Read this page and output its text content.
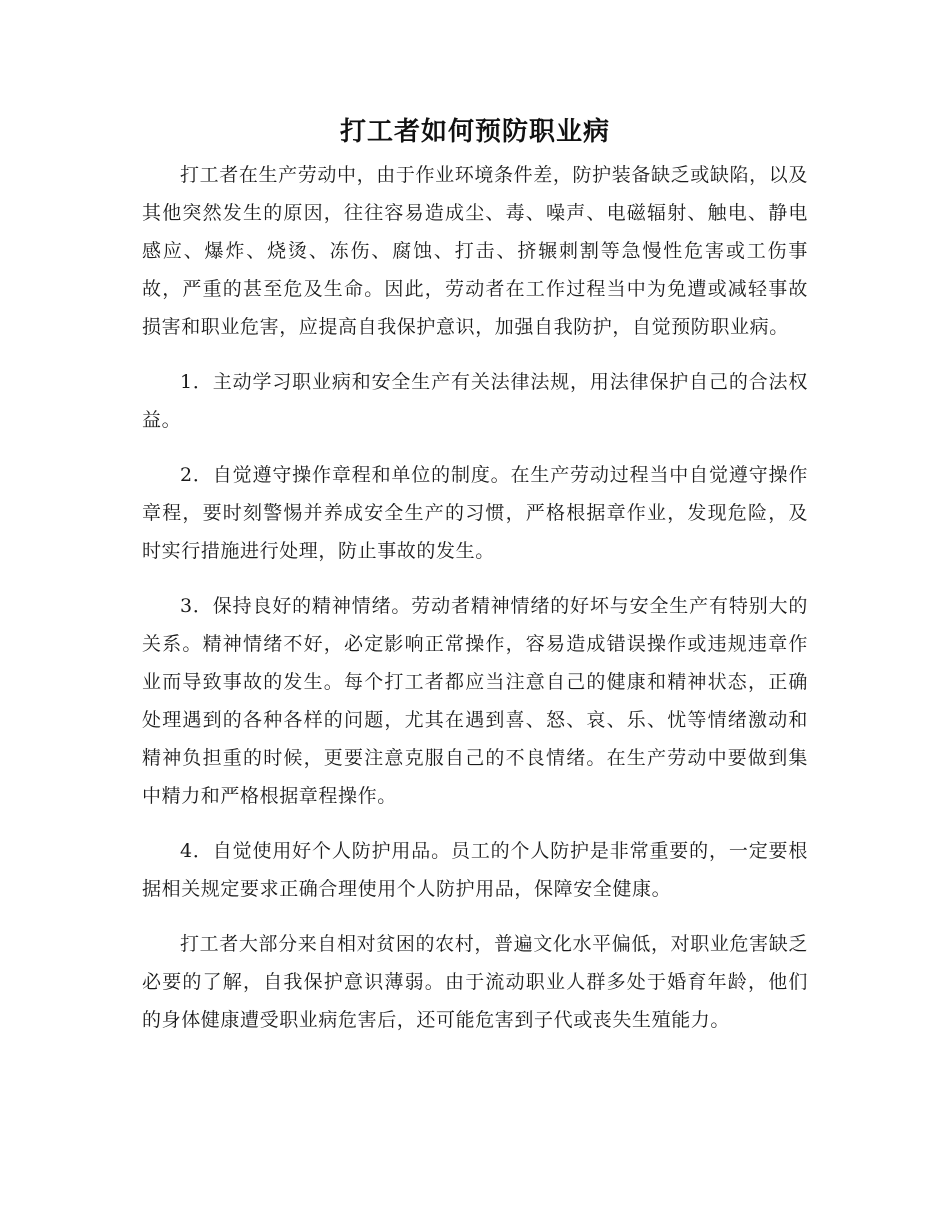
打工者如何预防职业病

打工者在生产劳动中，由于作业环境条件差，防护装备缺乏或缺陷，以及其他突然发生的原因，往往容易造成尘、毒、噪声、电磁辐射、触电、静电感应、爆炸、烧烫、冻伤、腐蚀、打击、挤辗刺割等急慢性危害或工伤事故，严重的甚至危及生命。因此，劳动者在工作过程当中为免遭或减轻事故损害和职业危害，应提高自我保护意识，加强自我防护，自觉预防职业病。

1．主动学习职业病和安全生产有关法律法规，用法律保护自己的合法权益。

2．自觉遵守操作章程和单位的制度。在生产劳动过程当中自觉遵守操作章程，要时刻警惕并养成安全生产的习惯，严格根据章作业，发现危险，及时实行措施进行处理，防止事故的发生。

3．保持良好的精神情绪。劳动者精神情绪的好坏与安全生产有特别大的关系。精神情绪不好，必定影响正常操作，容易造成错误操作或违规违章作业而导致事故的发生。每个打工者都应当注意自己的健康和精神状态，正确处理遇到的各种各样的问题，尤其在遇到喜、怒、哀、乐、忧等情绪激动和精神负担重的时候，更要注意克服自己的不良情绪。在生产劳动中要做到集中精力和严格根据章程操作。

4．自觉使用好个人防护用品。员工的个人防护是非常重要的，一定要根据相关规定要求正确合理使用个人防护用品，保障安全健康。

打工者大部分来自相对贫困的农村，普遍文化水平偏低，对职业危害缺乏必要的了解，自我保护意识薄弱。由于流动职业人群多处于婚育年龄，他们的身体健康遭受职业病危害后，还可能危害到子代或丧失生殖能力。
